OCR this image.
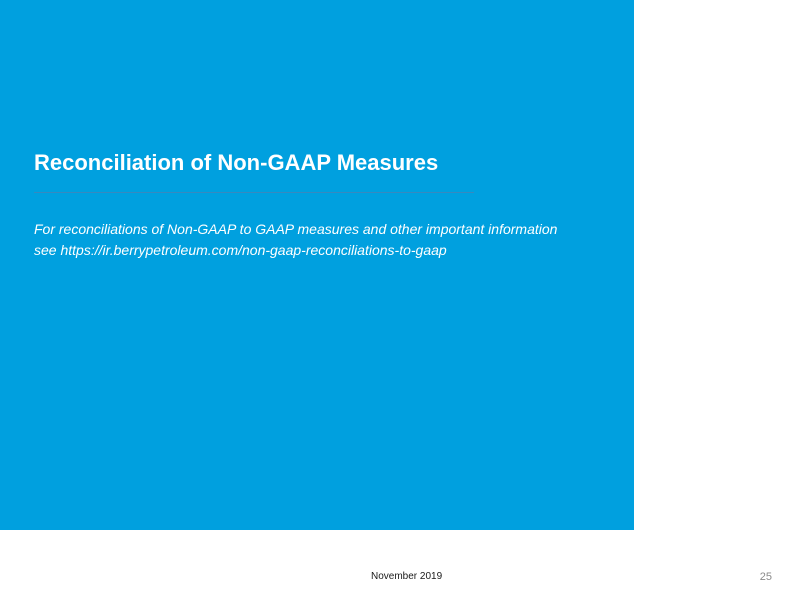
Reconciliation of Non-GAAP Measures

For reconciliations of Non-GAAP to GAAP measures and other important information
see https://ir.berrypetroleum.com/non-gaap-reconciliations-to-gaap

November 2019	25
